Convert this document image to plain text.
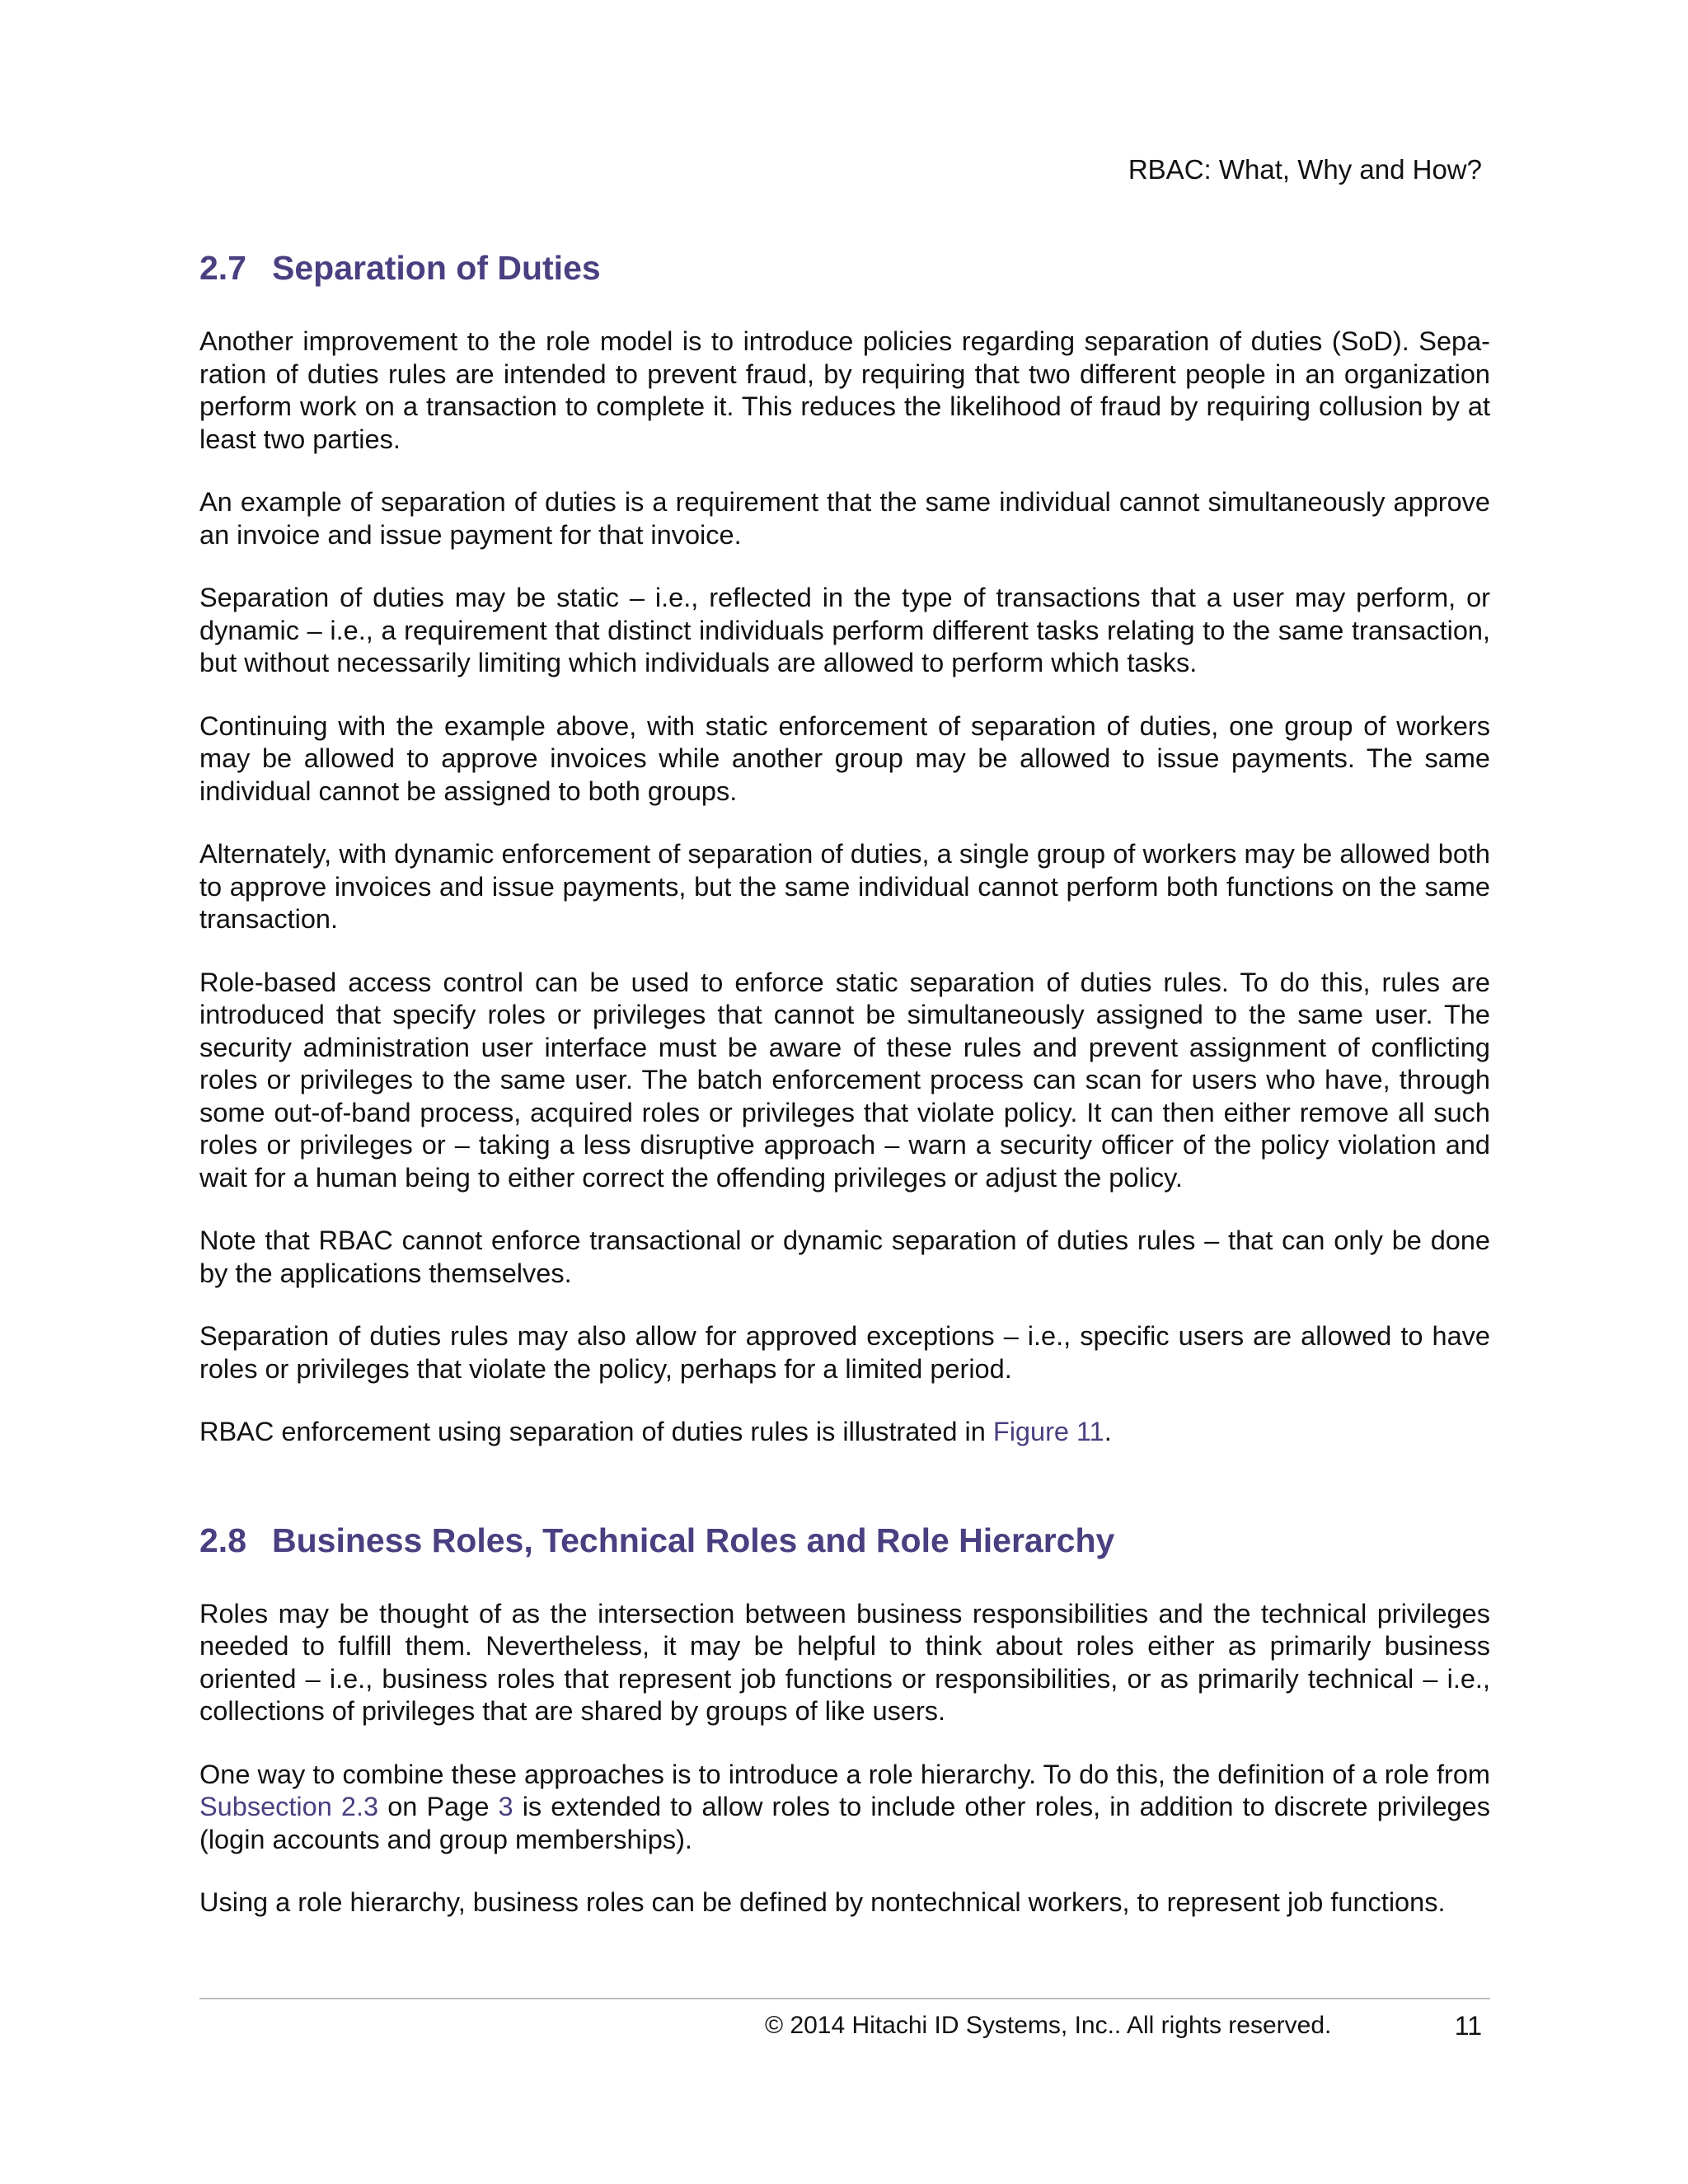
RBAC: What, Why and How?
2.7 Separation of Duties

Another improvement to the role model is to introduce policies regarding separation of duties (SoD). Sepa-ration of duties rules are intended to prevent fraud, by requiring that two different people in an organization perform work on a transaction to complete it. This reduces the likelihood of fraud by requiring collusion by at least two parties.

An example of separation of duties is a requirement that the same individual cannot simultaneously approve an invoice and issue payment for that invoice.

Separation of duties may be static – i.e., reflected in the type of transactions that a user may perform, or dynamic – i.e., a requirement that distinct individuals perform different tasks relating to the same transaction, but without necessarily limiting which individuals are allowed to perform which tasks.

Continuing with the example above, with static enforcement of separation of duties, one group of workers may be allowed to approve invoices while another group may be allowed to issue payments. The same individual cannot be assigned to both groups.

Alternately, with dynamic enforcement of separation of duties, a single group of workers may be allowed both to approve invoices and issue payments, but the same individual cannot perform both functions on the same transaction.

Role-based access control can be used to enforce static separation of duties rules. To do this, rules are introduced that specify roles or privileges that cannot be simultaneously assigned to the same user. The security administration user interface must be aware of these rules and prevent assignment of conflicting roles or privileges to the same user. The batch enforcement process can scan for users who have, through some out-of-band process, acquired roles or privileges that violate policy. It can then either remove all such roles or privileges or – taking a less disruptive approach – warn a security officer of the policy violation and wait for a human being to either correct the offending privileges or adjust the policy.

Note that RBAC cannot enforce transactional or dynamic separation of duties rules – that can only be done by the applications themselves.

Separation of duties rules may also allow for approved exceptions – i.e., specific users are allowed to have roles or privileges that violate the policy, perhaps for a limited period.

RBAC enforcement using separation of duties rules is illustrated in Figure 11.

2.8 Business Roles, Technical Roles and Role Hierarchy

Roles may be thought of as the intersection between business responsibilities and the technical privileges needed to fulfill them. Nevertheless, it may be helpful to think about roles either as primarily business oriented – i.e., business roles that represent job functions or responsibilities, or as primarily technical – i.e., collections of privileges that are shared by groups of like users.

One way to combine these approaches is to introduce a role hierarchy. To do this, the definition of a role from Subsection 2.3 on Page 3 is extended to allow roles to include other roles, in addition to discrete privileges (login accounts and group memberships).

Using a role hierarchy, business roles can be defined by nontechnical workers, to represent job functions.

© 2014 Hitachi ID Systems, Inc.. All rights reserved.	11
